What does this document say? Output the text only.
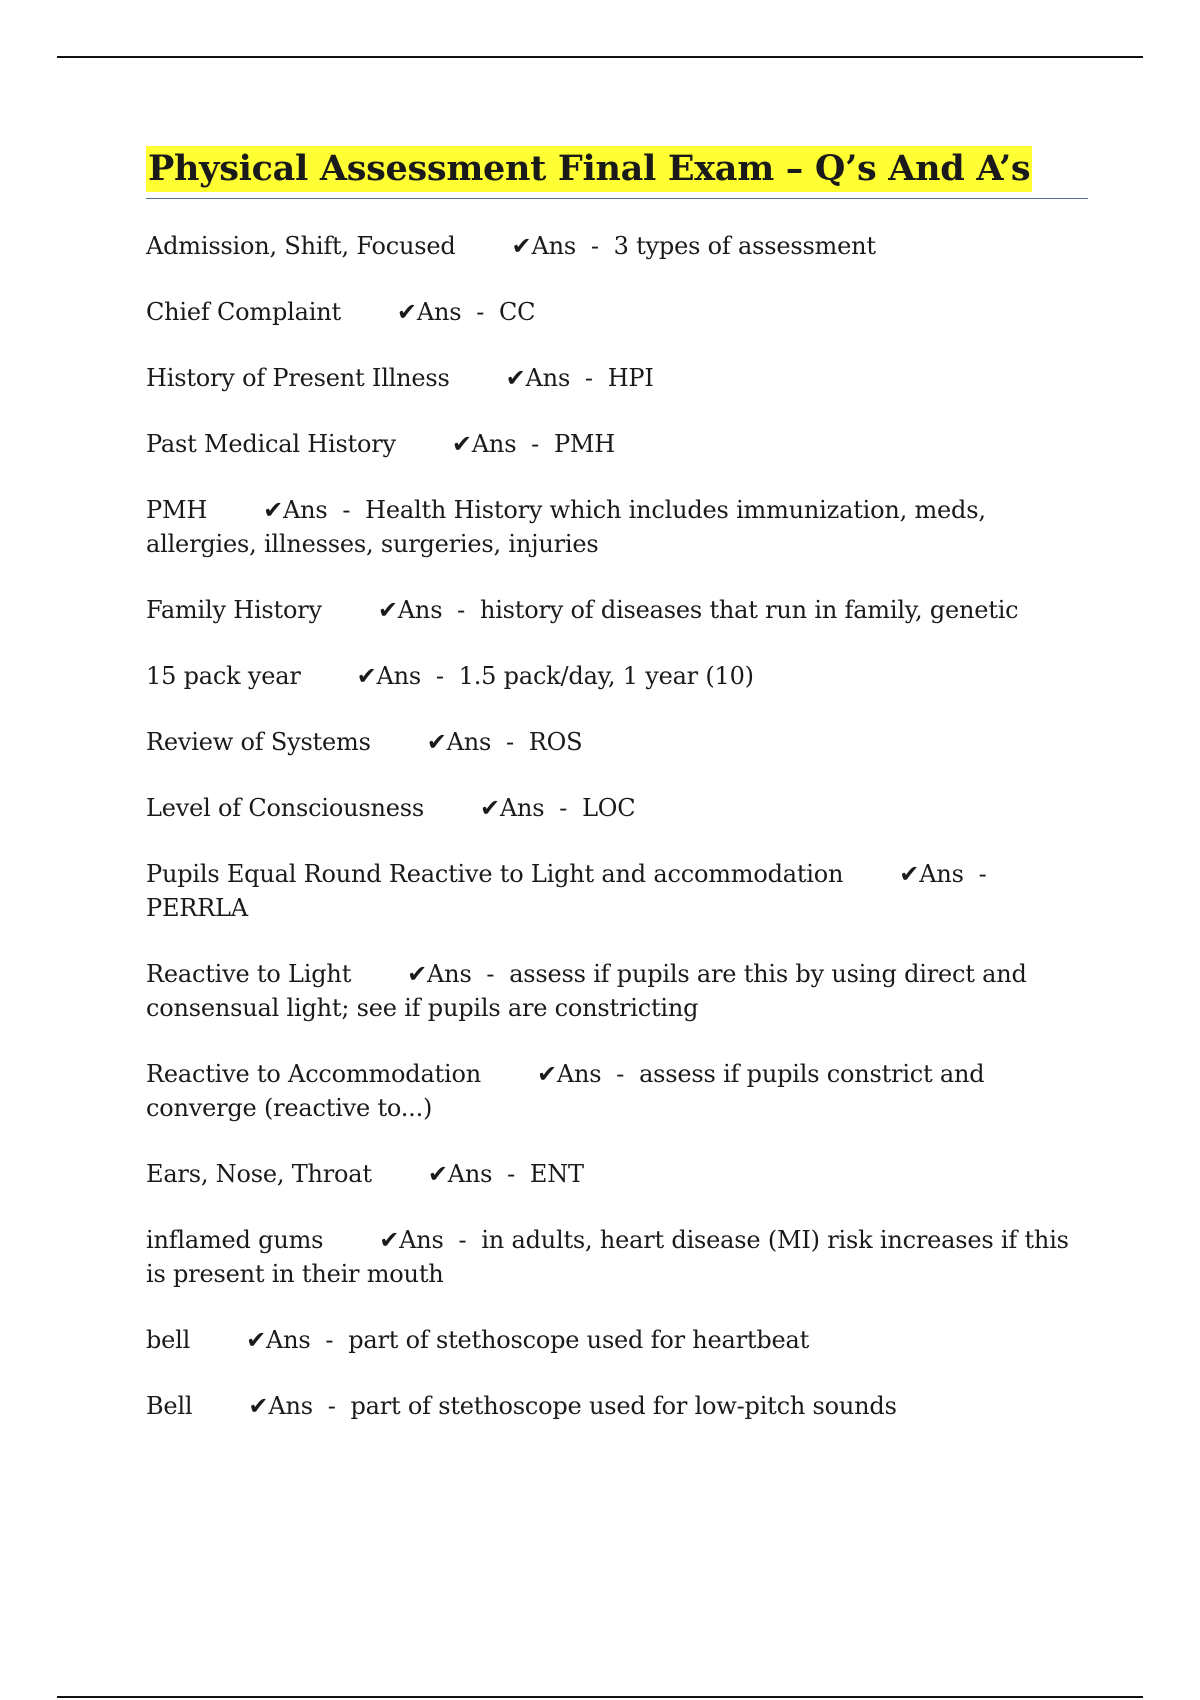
Physical Assessment Final Exam – Q’s And A’s

Admission, Shift, Focused ✔Ans - 3 types of assessment

Chief Complaint ✔Ans - CC

History of Present Illness ✔Ans - HPI

Past Medical History ✔Ans - PMH

PMH ✔Ans - Health History which includes immunization, meds, allergies, illnesses, surgeries, injuries

Family History ✔Ans - history of diseases that run in family, genetic

15 pack year ✔Ans - 1.5 pack/day, 1 year (10)

Review of Systems ✔Ans - ROS

Level of Consciousness ✔Ans - LOC

Pupils Equal Round Reactive to Light and accommodation ✔Ans -  PERRLA

Reactive to Light ✔Ans - assess if pupils are this by using direct and consensual light; see if pupils are constricting

Reactive to Accommodation ✔Ans - assess if pupils constrict and converge (reactive to...)

Ears, Nose, Throat ✔Ans - ENT

inflamed gums ✔Ans - in adults, heart disease (MI) risk increases if this is present in their mouth

bell ✔Ans - part of stethoscope used for heartbeat

Bell ✔Ans - part of stethoscope used for low-pitch sounds
